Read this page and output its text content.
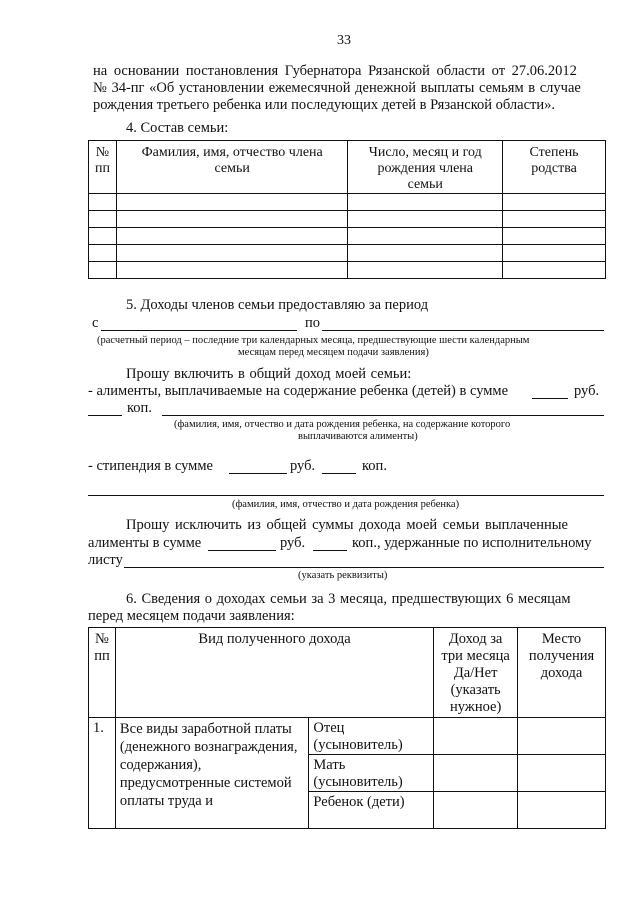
33
на основании постановления Губернатора Рязанской области от 27.06.2012
№ 34-пг «Об установлении ежемесячной денежной выплаты семьям в случае
рождения третьего ребенка или последующих детей в Рязанской области».
4. Состав семьи:
№ пп	Фамилия, имя, отчество члена семьи	Число, месяц и год рождения члена семьи	Степень родства

5. Доходы членов семьи предоставляю за период
с	по
(расчетный период – последние три календарных месяца, предшествующие шести календарным
месяцам перед месяцем подачи заявления)
Прошу включить в общий доход моей семьи:
- алименты, выплачиваемые на содержание ребенка (детей) в сумме	руб.
коп.
(фамилия, имя, отчество и дата рождения ребенка, на содержание которого
выплачиваются алименты)
- стипендия в сумме	руб.	коп.
(фамилия, имя, отчество и дата рождения ребенка)
Прошу исключить из общей суммы дохода моей семьи выплаченные
алименты в сумме	руб.	коп., удержанные по исполнительному
листу
(указать реквизиты)
6. Сведения о доходах семьи за 3 месяца, предшествующих 6 месяцам
перед месяцем подачи заявления:
№ пп	Вид полученного дохода		Доход за три месяца Да/Нет (указать нужное)	Место получения дохода
1.	Все виды заработной платы (денежного вознаграждения, содержания), предусмотренные системой оплаты труда и	Отец (усыновитель)		
		Мать (усыновитель)		
		Ребенок (дети)		
